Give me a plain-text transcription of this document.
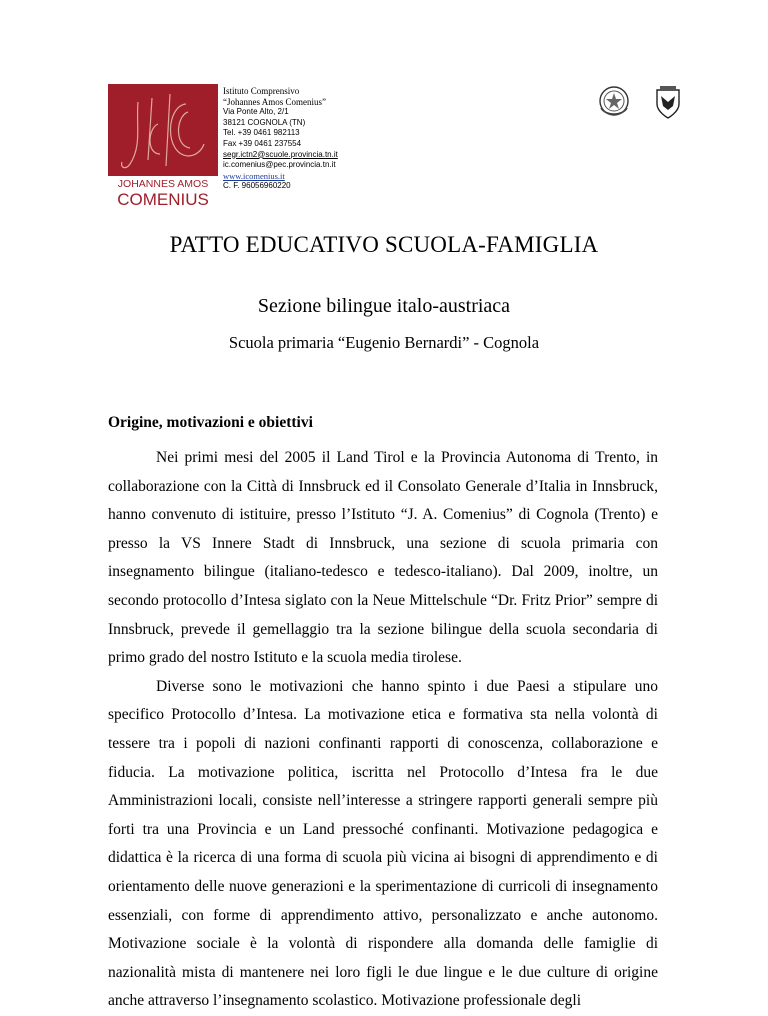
JOHANNES AMOS
COMENIUS
Istituto Comprensivo
“Johannes Amos Comenius”
Via Ponte Alto, 2/1
38121 COGNOLA (TN)
Tel. +39 0461 982113
Fax +39 0461 237554
segr.ictn2@scuole.provincia.tn.it
ic.comenius@pec.provincia.tn.it
www.icomenius.it
C. F. 96056960220
PATTO EDUCATIVO SCUOLA-FAMIGLIA
Sezione bilingue italo-austriaca
Scuola primaria “Eugenio Bernardi” - Cognola
Origine, motivazioni e obiettivi

Nei primi mesi del 2005 il Land Tirol e la Provincia Autonoma di Trento, in collaborazione con la Città di Innsbruck ed il Consolato Generale d’Italia in Innsbruck, hanno convenuto di istituire, presso l’Istituto “J. A. Comenius” di Cognola (Trento) e presso la VS Innere Stadt di Innsbruck, una sezione di scuola primaria con insegnamento bilingue (italiano-tedesco e tedesco-italiano). Dal 2009, inoltre, un secondo protocollo d’Intesa siglato con la Neue Mittelschule “Dr. Fritz Prior” sempre di Innsbruck, prevede il gemellaggio tra la sezione bilingue della scuola secondaria di primo grado del nostro Istituto e la scuola media tirolese.

Diverse sono le motivazioni che hanno spinto i due Paesi a stipulare uno specifico Protocollo d’Intesa. La motivazione etica e formativa sta nella volontà di tessere tra i popoli di nazioni confinanti rapporti di conoscenza, collaborazione e fiducia. La motivazione politica, iscritta nel Protocollo d’Intesa fra le due Amministrazioni locali, consiste nell’interesse a stringere rapporti generali sempre più forti tra una Provincia e un Land pressoché confinanti. Motivazione pedagogica e didattica è la ricerca di una forma di scuola più vicina ai bisogni di apprendimento e di orientamento delle nuove generazioni e la sperimentazione di curricoli di insegnamento essenziali, con forme di apprendimento attivo, personalizzato e anche autonomo. Motivazione sociale è la volontà di rispondere alla domanda delle famiglie di nazionalità mista di mantenere nei loro figli le due lingue e le due culture di origine anche attraverso l’insegnamento scolastico. Motivazione professionale degli
